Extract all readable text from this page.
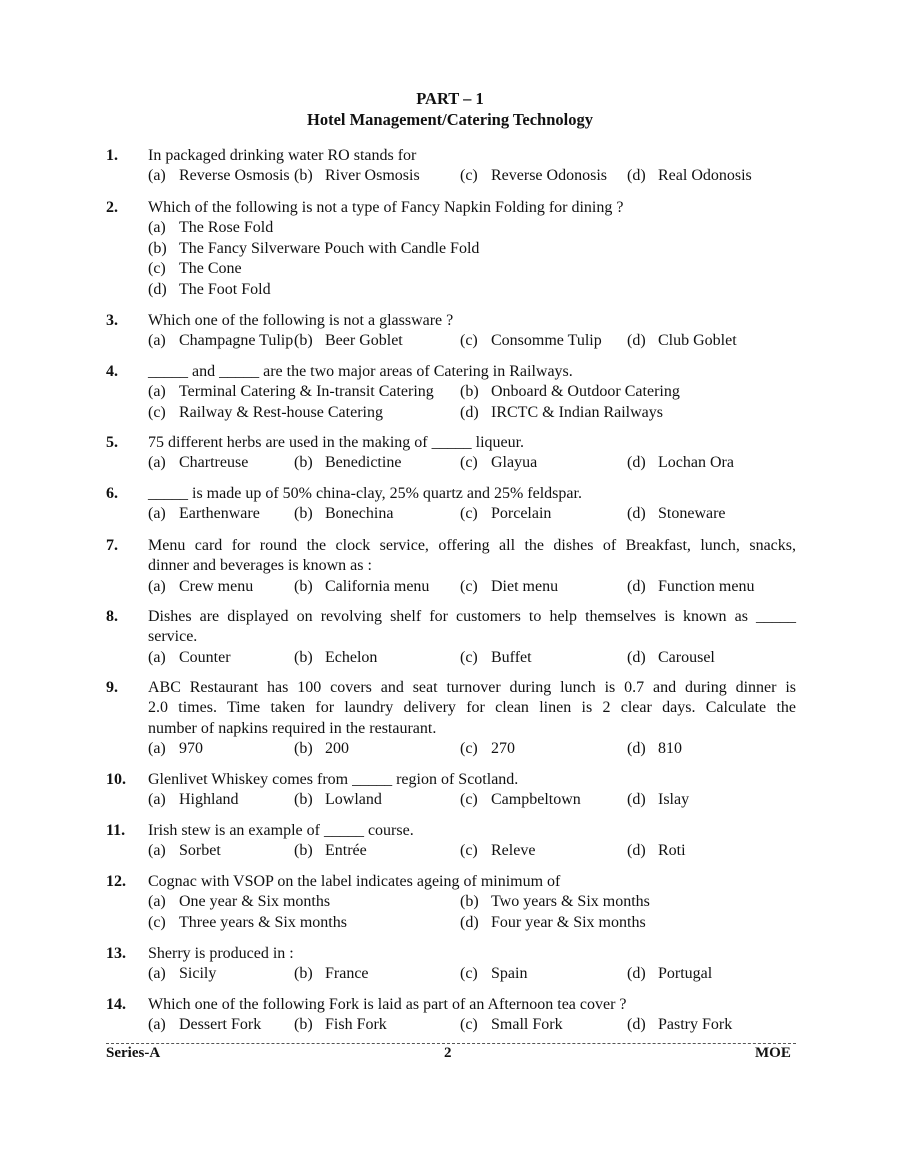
PART – 1
Hotel Management/Catering Technology
1. In packaged drinking water RO stands for
(a) Reverse Osmosis (b) River Osmosis	(c) Reverse Odonosis (d) Real Odonosis
2. Which of the following is not a type of Fancy Napkin Folding for dining ?
(a) The Rose Fold
(b) The Fancy Silverware Pouch with Candle Fold
(c) The Cone
(d) The Foot Fold
3. Which one of the following is not a glassware ?
(a) Champagne Tulip (b) Beer Goblet	(c) Consomme Tulip (d) Club Goblet
4. _____ and _____ are the two major areas of Catering in Railways.
(a) Terminal Catering & In-transit Catering (b) Onboard & Outdoor Catering
(c) Railway & Rest-house Catering	(d) IRCTC & Indian Railways
5. 75 different herbs are used in the making of _____ liqueur.
(a) Chartreuse	(b) Benedictine	(c) Glayua	(d) Lochan Ora
6. _____ is made up of 50% china-clay, 25% quartz and 25% feldspar.
(a) Earthenware (b) Bonechina	(c) Porcelain	(d) Stoneware
7. Menu card for round the clock service, offering all the dishes of Breakfast, lunch, snacks,
dinner and beverages is known as :
(a) Crew menu	(b) California menu (c) Diet menu	(d) Function menu
8. Dishes are displayed on revolving shelf for customers to help themselves is known as _____
service.
(a) Counter	(b) Echelon	(c) Buffet	(d) Carousel
9. ABC Restaurant has 100 covers and seat turnover during lunch is 0.7 and during dinner is
2.0 times. Time taken for laundry delivery for clean linen is 2 clear days. Calculate the
number of napkins required in the restaurant.
(a) 970	(b) 200	(c) 270	(d) 810
10. Glenlivet Whiskey comes from _____ region of Scotland.
(a) Highland	(b) Lowland	(c) Campbeltown	(d) Islay
11. Irish stew is an example of _____ course.
(a) Sorbet	(b) Entrée	(c) Releve	(d) Roti
12. Cognac with VSOP on the label indicates ageing of minimum of
(a) One year & Six months	(b) Two years & Six months
(c) Three years & Six months	(d) Four year & Six months
13. Sherry is produced in :
(a) Sicily	(b) France	(c) Spain	(d) Portugal
14. Which one of the following Fork is laid as part of an Afternoon tea cover ?
(a) Dessert Fork (b) Fish Fork	(c) Small Fork	(d) Pastry Fork
Series-A	2	MOE
